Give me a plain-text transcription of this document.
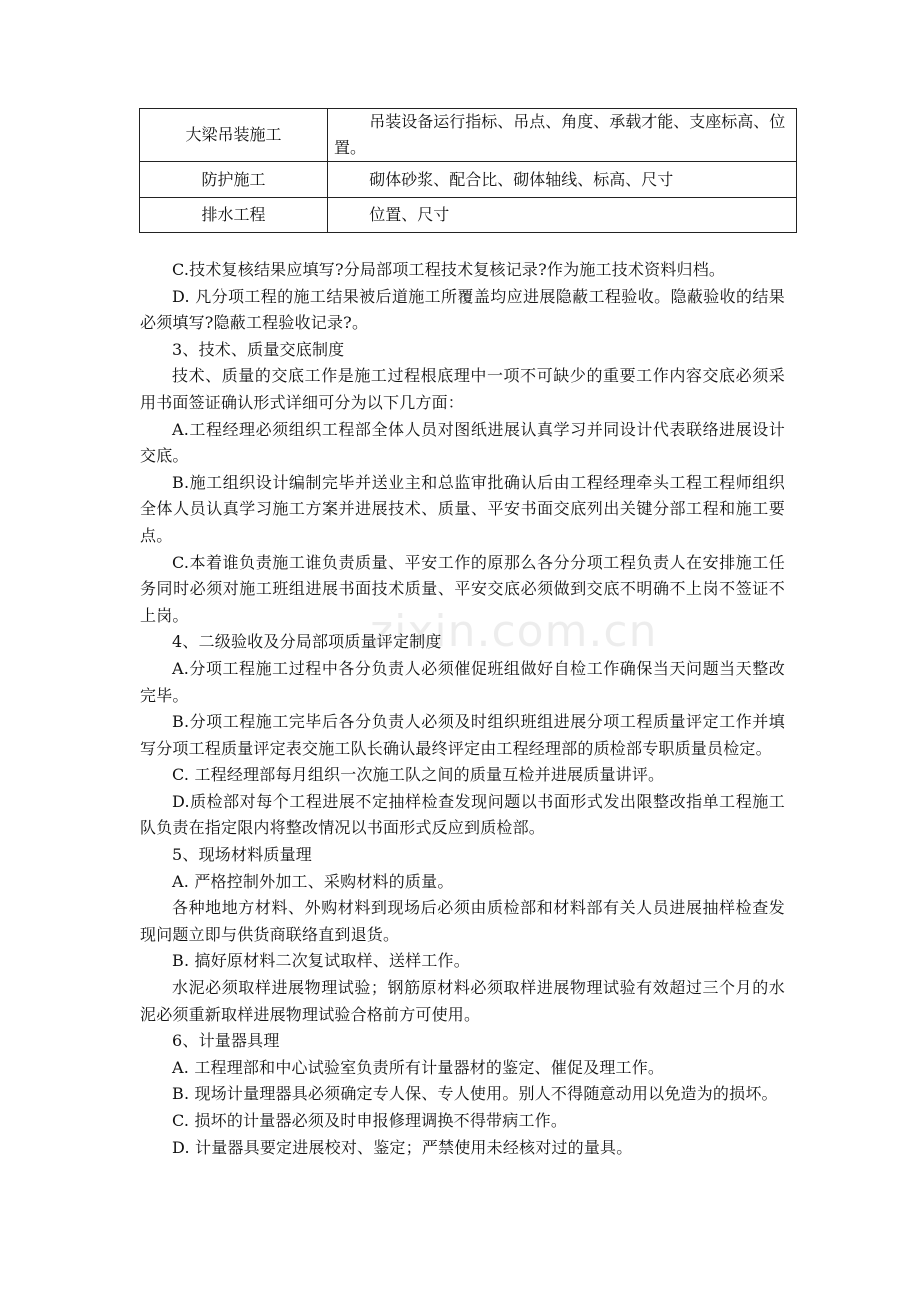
大梁吊装施工	吊装设备运行指标、吊点、角度、承载才能、支座标高、位置。

防护施工	砌体砂浆、配合比、砌体轴线、标高、尺寸

排水工程	位置、尺寸

C.技术复核结果应填写?分局部项工程技术复核记录?作为施工技术资料归档。

D. 凡分项工程的施工结果被后道施工所覆盖均应进展隐蔽工程验收。隐蔽验收的结果必须填写?隐蔽工程验收记录?。

3、技术、质量交底制度

技术、质量的交底工作是施工过程根底理中一项不可缺少的重要工作内容交底必须采用书面签证确认形式详细可分为以下几方面：

A.工程经理必须组织工程部全体人员对图纸进展认真学习并同设计代表联络进展设计交底。

B.施工组织设计编制完毕并送业主和总监审批确认后由工程经理牵头工程工程师组织全体人员认真学习施工方案并进展技术、质量、平安书面交底列出关键分部工程和施工要点。

C.本着谁负责施工谁负责质量、平安工作的原那么各分分项工程负责人在安排施工任务同时必须对施工班组进展书面技术质量、平安交底必须做到交底不明确不上岗不签证不上岗。

4、二级验收及分局部项质量评定制度

A.分项工程施工过程中各分负责人必须催促班组做好自检工作确保当天问题当天整改完毕。

B.分项工程施工完毕后各分负责人必须及时组织班组进展分项工程质量评定工作并填写分项工程质量评定表交施工队长确认最终评定由工程经理部的质检部专职质量员检定。

C. 工程经理部每月组织一次施工队之间的质量互检并进展质量讲评。

D.质检部对每个工程进展不定抽样检查发现问题以书面形式发出限整改指单工程施工队负责在指定限内将整改情况以书面形式反应到质检部。

5、现场材料质量理

A. 严格控制外加工、采购材料的质量。

各种地地方材料、外购材料到现场后必须由质检部和材料部有关人员进展抽样检查发现问题立即与供货商联络直到退货。

B. 搞好原材料二次复试取样、送样工作。

水泥必须取样进展物理试验；钢筋原材料必须取样进展物理试验有效超过三个月的水泥必须重新取样进展物理试验合格前方可使用。

6、计量器具理

A. 工程理部和中心试验室负责所有计量器材的鉴定、催促及理工作。

B. 现场计量理器具必须确定专人保、专人使用。别人不得随意动用以免造为的损坏。

C. 损坏的计量器必须及时申报修理调换不得带病工作。

D. 计量器具要定进展校对、鉴定；严禁使用未经核对过的量具。

zixin.com.cn
